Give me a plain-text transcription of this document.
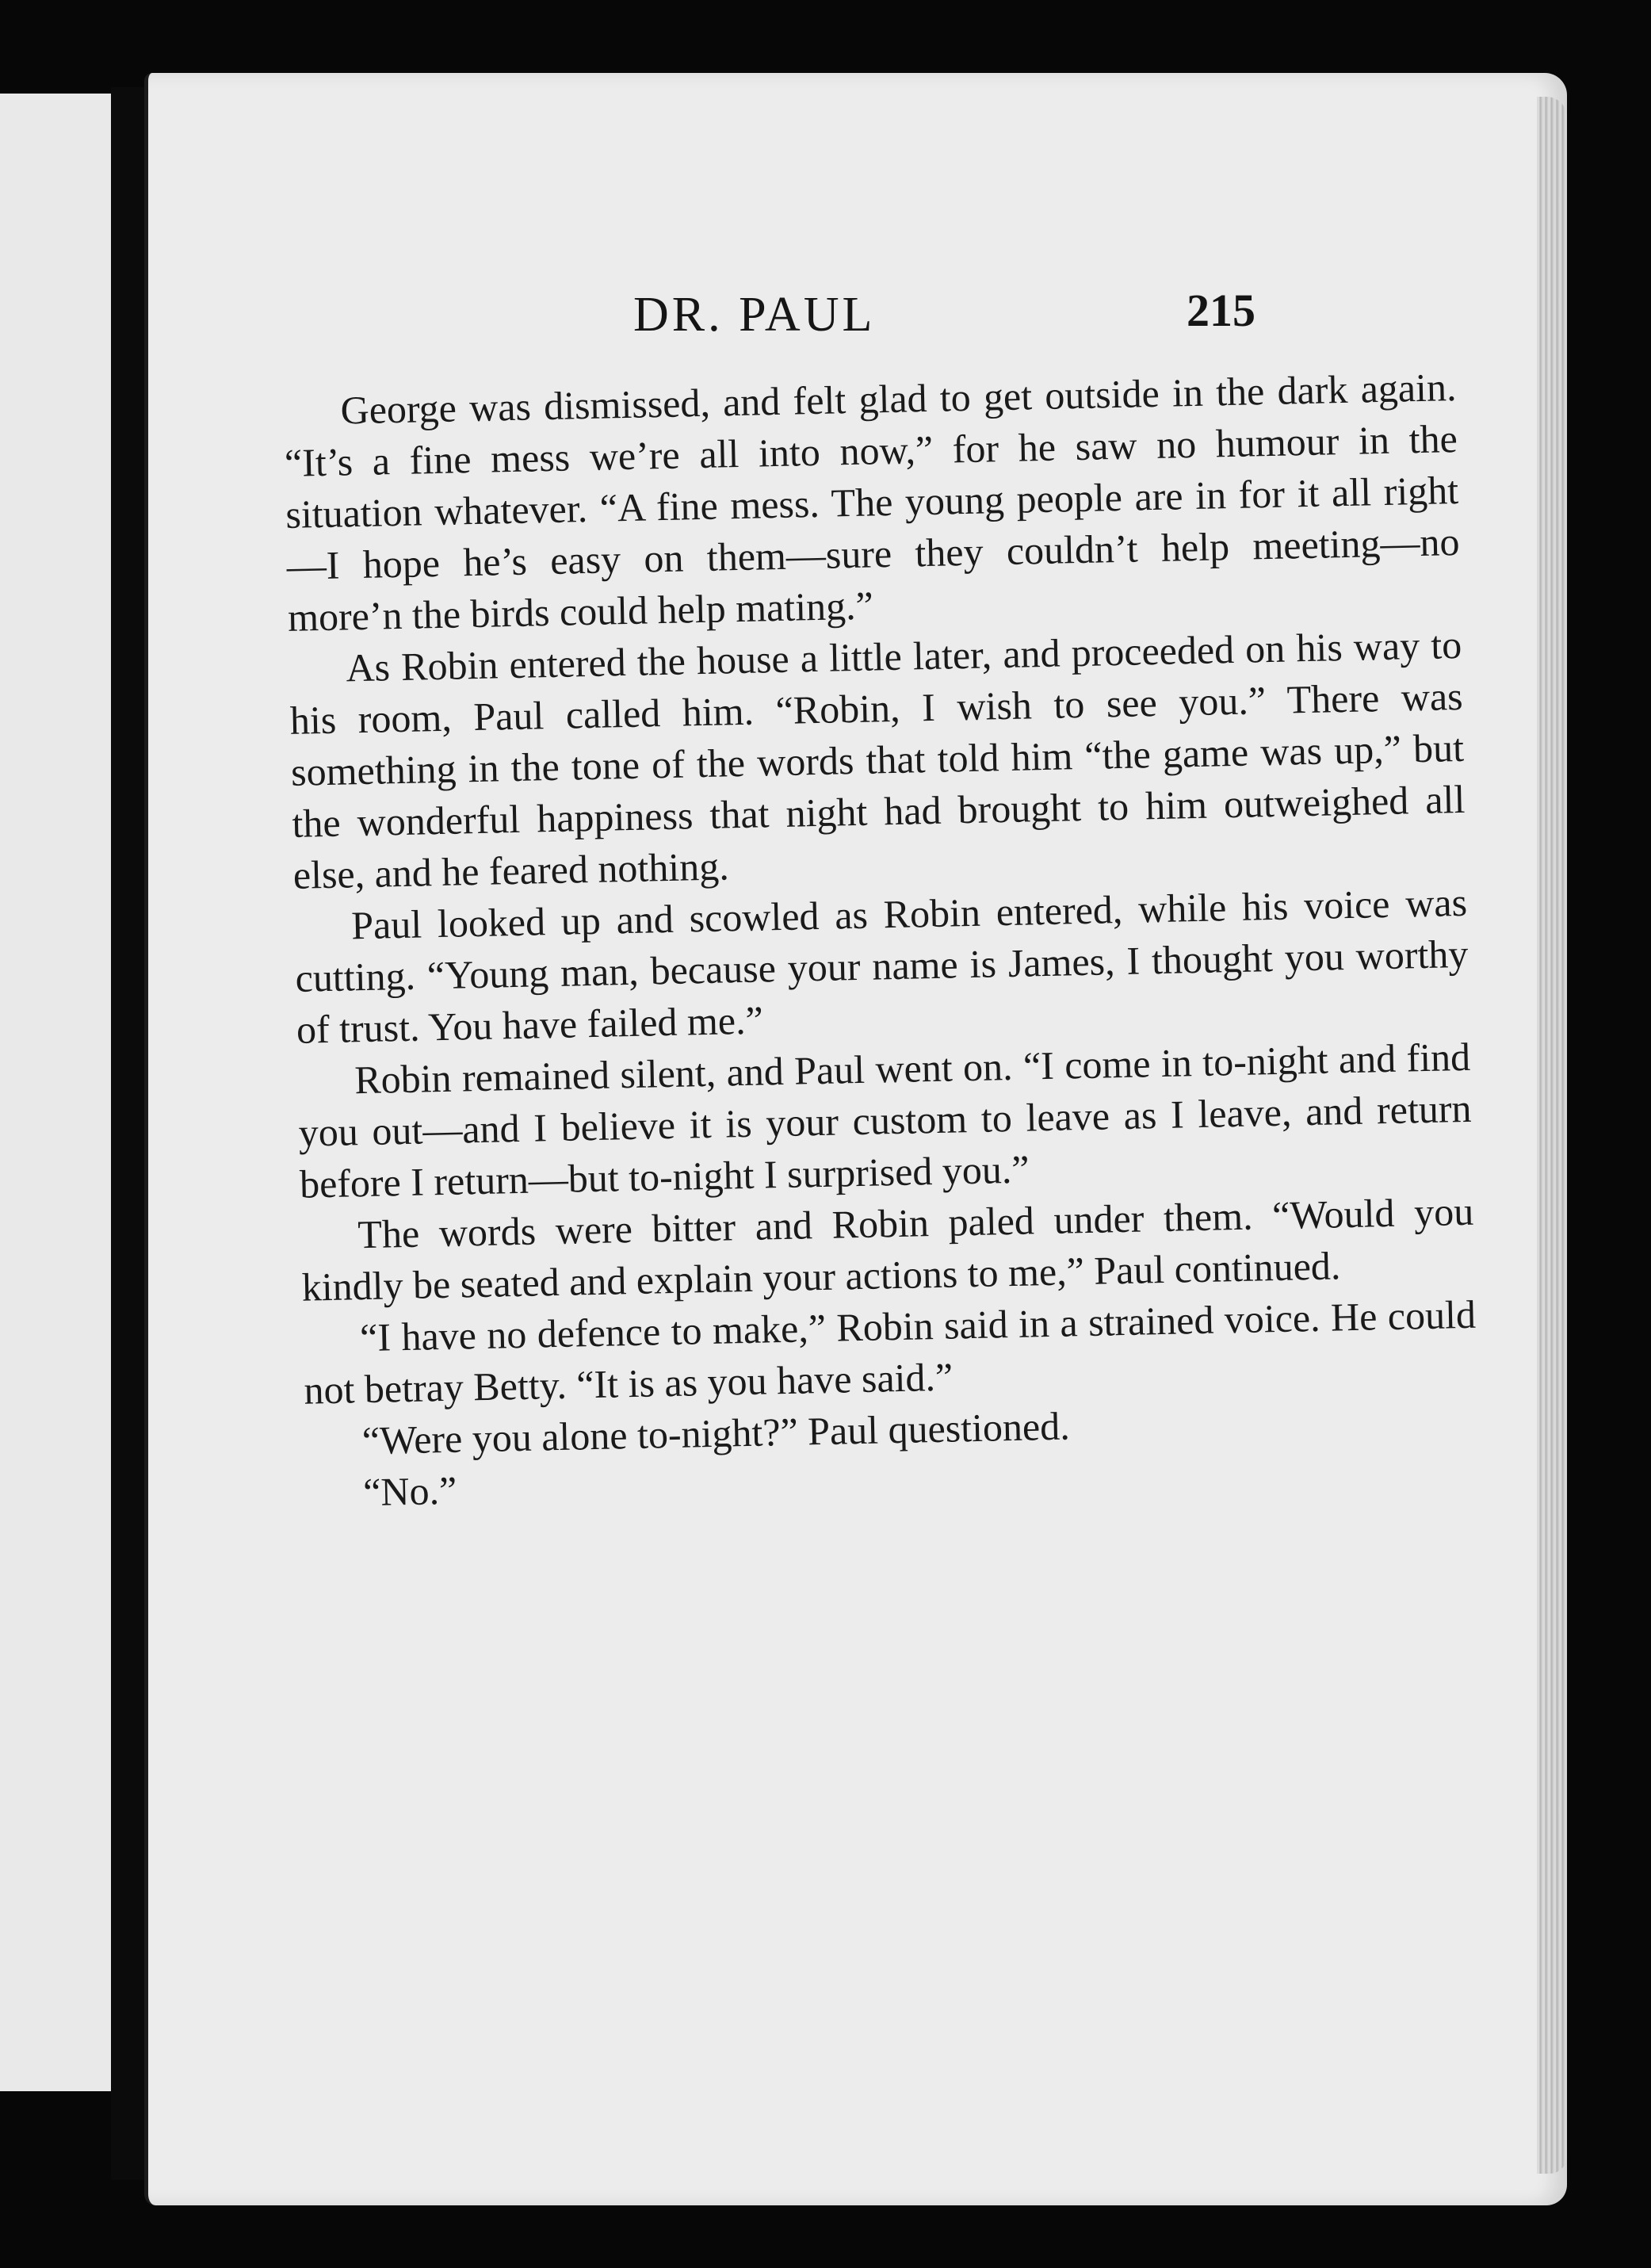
DR. PAUL	215

George was dismissed, and felt glad to get outside in the dark again. “It’s a fine mess we’re all into now,” for he saw no humour in the situation whatever. “A fine mess. The young people are in for it all right—I hope he’s easy on them—sure they couldn’t help meeting—no more’n the birds could help mating.”

As Robin entered the house a little later, and proceeded on his way to his room, Paul called him. “Robin, I wish to see you.” There was something in the tone of the words that told him “the game was up,” but the wonderful happiness that night had brought to him outweighed all else, and he feared nothing.

Paul looked up and scowled as Robin entered, while his voice was cutting. “Young man, because your name is James, I thought you worthy of trust. You have failed me.”

Robin remained silent, and Paul went on. “I come in to-night and find you out—and I believe it is your custom to leave as I leave, and return before I return—but to-night I surprised you.”

The words were bitter and Robin paled under them. “Would you kindly be seated and explain your actions to me,” Paul continued.

“I have no defence to make,” Robin said in a strained voice. He could not betray Betty. “It is as you have said.”

“Were you alone to-night?” Paul questioned.

“No.”
